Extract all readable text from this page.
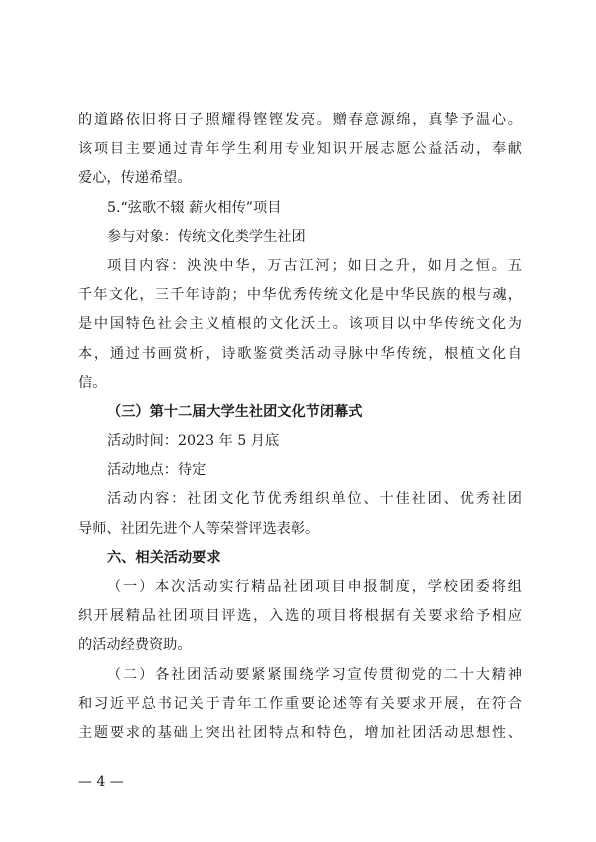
的道路依旧将日子照耀得铿铿发亮。赠春意源绵，真挚予温心。

该项目主要通过青年学生利用专业知识开展志愿公益活动，奉献

爱心，传递希望。

5.“弦歌不辍 薪火相传”项目

参与对象：传统文化类学生社团

项目内容：泱泱中华，万古江河；如日之升，如月之恒。五

千年文化，三千年诗韵；中华优秀传统文化是中华民族的根与魂，

是中国特色社会主义植根的文化沃土。该项目以中华传统文化为

本，通过书画赏析，诗歌鉴赏类活动寻脉中华传统，根植文化自

信。

（三）第十二届大学生社团文化节闭幕式

活动时间：2023 年 5 月底

活动地点：待定

活动内容：社团文化节优秀组织单位、十佳社团、优秀社团

导师、社团先进个人等荣誉评选表彰。

六、相关活动要求

（一）本次活动实行精品社团项目申报制度，学校团委将组

织开展精品社团项目评选，入选的项目将根据有关要求给予相应

的活动经费资助。

（二）各社团活动要紧紧围绕学习宣传贯彻党的二十大精神

和习近平总书记关于青年工作重要论述等有关要求开展，在符合

主题要求的基础上突出社团特点和特色，增加社团活动思想性、

— 4 —
